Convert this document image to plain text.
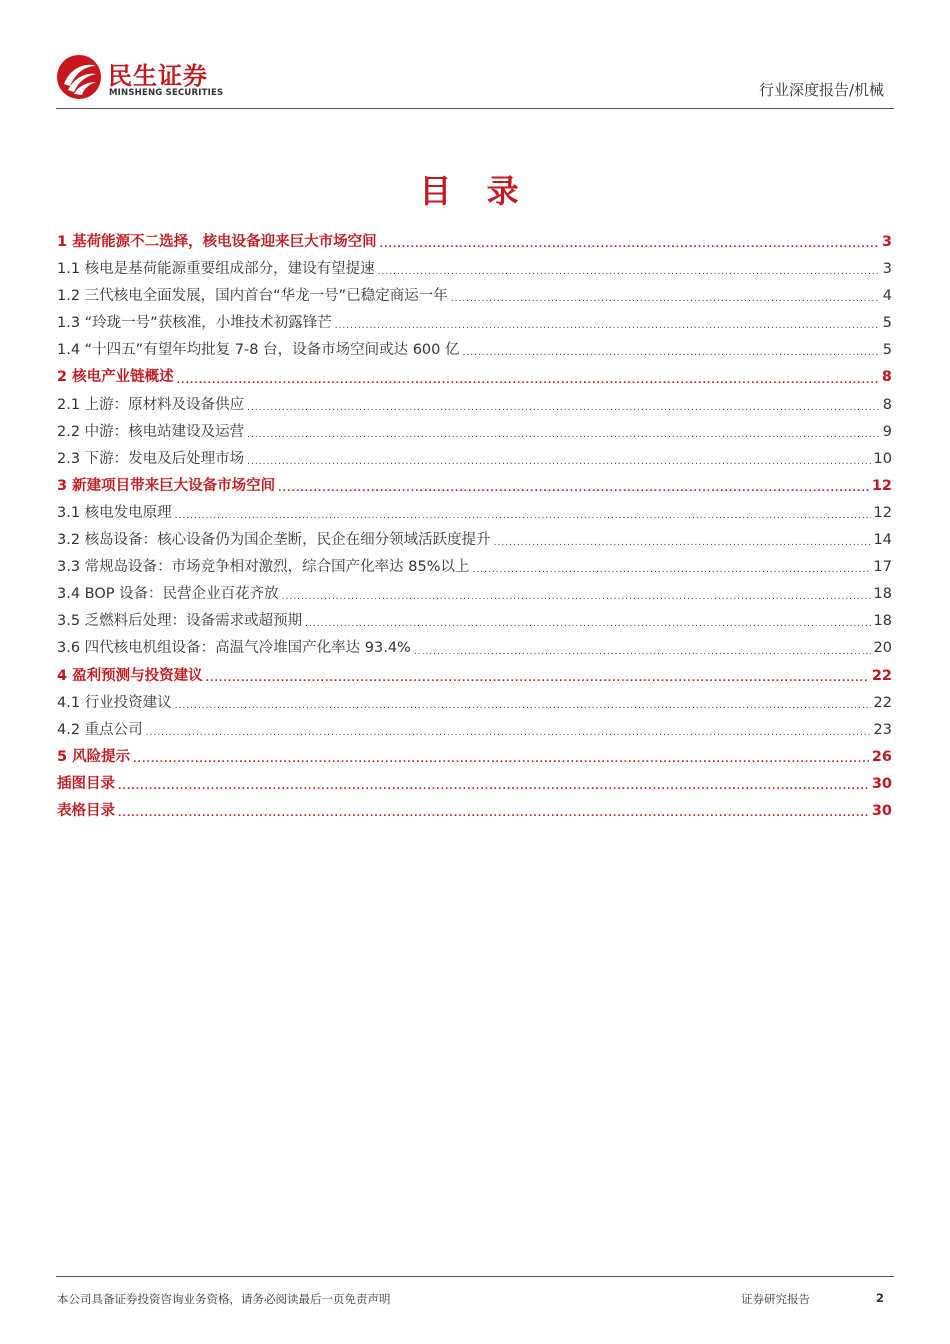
民生证券
MINSHENG SECURITIES	行业深度报告/机械
目 录
1 基荷能源不二选择，核电设备迎来巨大市场空间 .....	3
1.1 核电是基荷能源重要组成部分，建设有望提速 .....	3
1.2 三代核电全面发展，国内首台“华龙一号”已稳定商运一年 .....	4
1.3 “玲珑一号”获核准，小堆技术初露锋芒 .....	5
1.4 “十四五”有望年均批复 7-8 台，设备市场空间或达 600 亿 .....	5
2 核电产业链概述 .....	8
2.1 上游：原材料及设备供应 .....	8
2.2 中游：核电站建设及运营 .....	9
2.3 下游：发电及后处理市场 .....	10
3 新建项目带来巨大设备市场空间 .....	12
3.1 核电发电原理 .....	12
3.2 核岛设备：核心设备仍为国企垄断，民企在细分领域活跃度提升 .....	14
3.3 常规岛设备：市场竞争相对激烈，综合国产化率达 85%以上 .....	17
3.4 BOP 设备：民营企业百花齐放 .....	18
3.5 乏燃料后处理：设备需求或超预期 .....	18
3.6 四代核电机组设备：高温气冷堆国产化率达 93.4% .....	20
4 盈利预测与投资建议 .....	22
4.1 行业投资建议 .....	22
4.2 重点公司 .....	23
5 风险提示 .....	26
插图目录 .....	30
表格目录 .....	30
本公司具备证券投资咨询业务资格，请务必阅读最后一页免责声明	证券研究报告	2
